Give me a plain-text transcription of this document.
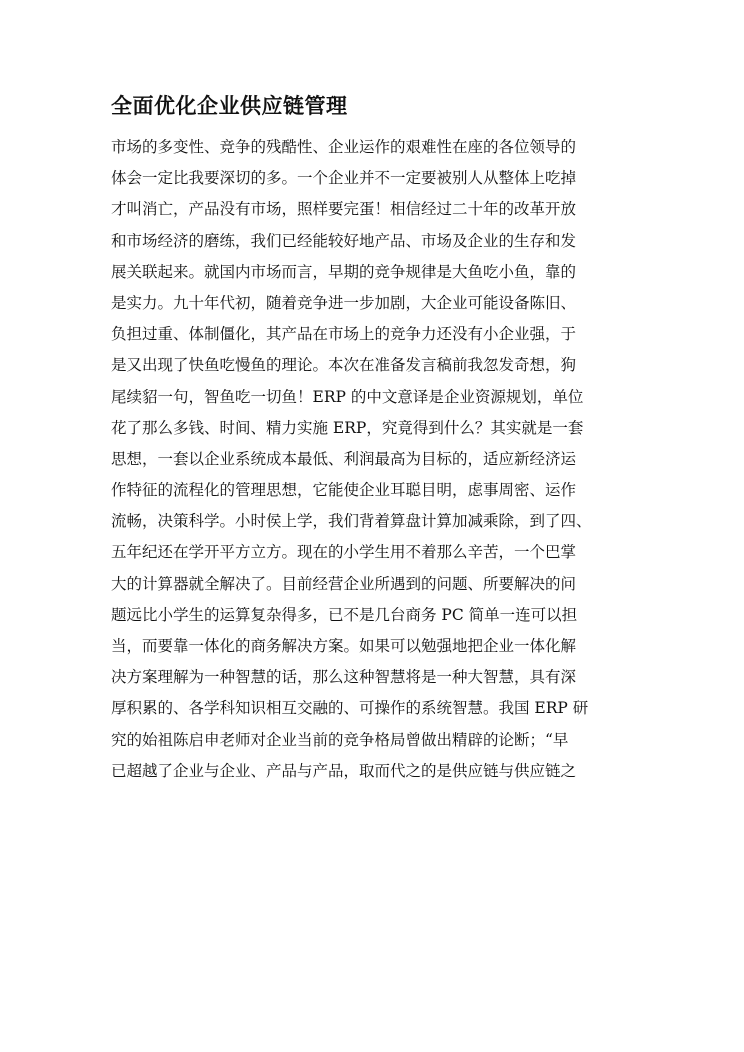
全面优化企业供应链管理
市场的多变性、竞争的残酷性、企业运作的艰难性在座的各位领导的
体会一定比我要深切的多。一个企业并不一定要被别人从整体上吃掉
才叫消亡，产品没有市场，照样要完蛋！相信经过二十年的改革开放
和市场经济的磨练，我们已经能较好地产品、市场及企业的生存和发
展关联起来。就国内市场而言，早期的竞争规律是大鱼吃小鱼，靠的
是实力。九十年代初，随着竞争进一步加剧，大企业可能设备陈旧、
负担过重、体制僵化，其产品在市场上的竞争力还没有小企业强，于
是又出现了快鱼吃慢鱼的理论。本次在准备发言稿前我忽发奇想，狗
尾续貂一句，智鱼吃一切鱼！ERP 的中文意译是企业资源规划，单位
花了那么多钱、时间、精力实施 ERP，究竟得到什么？其实就是一套
思想，一套以企业系统成本最低、利润最高为目标的，适应新经济运
作特征的流程化的管理思想，它能使企业耳聪目明，虑事周密、运作
流畅，决策科学。小时侯上学，我们背着算盘计算加减乘除，到了四、
五年纪还在学开平方立方。现在的小学生用不着那么辛苦，一个巴掌
大的计算器就全解决了。目前经营企业所遇到的问题、所要解决的问
题远比小学生的运算复杂得多，已不是几台商务 PC 简单一连可以担
当，而要靠一体化的商务解决方案。如果可以勉强地把企业一体化解
决方案理解为一种智慧的话，那么这种智慧将是一种大智慧，具有深
厚积累的、各学科知识相互交融的、可操作的系统智慧。我国 ERP 研
究的始祖陈启申老师对企业当前的竞争格局曾做出精辟的论断；“早
已超越了企业与企业、产品与产品，取而代之的是供应链与供应链之
